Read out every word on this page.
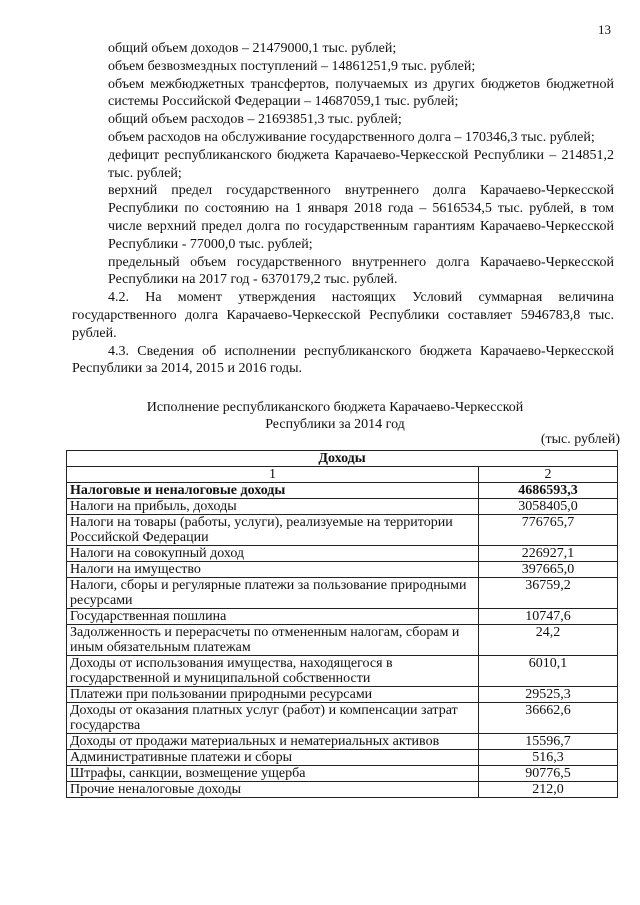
13

общий объем доходов – 21479000,1 тыс. рублей;

объем безвозмездных поступлений – 14861251,9 тыс. рублей;

объем межбюджетных трансфертов, получаемых из других бюджетов бюджетной системы Российской Федерации – 14687059,1 тыс. рублей;

общий объем расходов – 21693851,3 тыс. рублей;

объем расходов на обслуживание государственного долга – 170346,3 тыс. рублей;

дефицит республиканского бюджета Карачаево-Черкесской Республики – 214851,2 тыс. рублей;

верхний предел государственного внутреннего долга Карачаево-Черкесской Республики по состоянию на 1 января 2018 года – 5616534,5 тыс. рублей, в том числе верхний предел долга по государственным гарантиям Карачаево-Черкесской Республики - 77000,0 тыс. рублей;

предельный объем государственного внутреннего долга Карачаево-Черкесской Республики на 2017 год - 6370179,2 тыс. рублей.

4.2. На момент утверждения настоящих Условий суммарная величина государственного долга Карачаево-Черкесской Республики составляет 5946783,8 тыс. рублей.

4.3. Сведения об исполнении республиканского бюджета Карачаево-Черкесской Республики за 2014, 2015 и 2016 годы.

Исполнение республиканского бюджета Карачаево-Черкесской Республики за 2014 год
(тыс. рублей)
Доходы	
1	2
Налоговые и неналоговые доходы	4686593,3
Налоги на прибыль, доходы	3058405,0
Налоги на товары (работы, услуги), реализуемые на территории Российской Федерации	776765,7
Налоги на совокупный доход	226927,1
Налоги на имущество	397665,0
Налоги, сборы и регулярные платежи за пользование природными ресурсами	36759,2
Государственная пошлина	10747,6
Задолженность и перерасчеты по отмененным налогам, сборам и иным обязательным платежам	24,2
Доходы от использования имущества, находящегося в государственной и муниципальной собственности	6010,1
Платежи при пользовании природными ресурсами	29525,3
Доходы от оказания платных услуг (работ) и компенсации затрат государства	36662,6
Доходы от продажи материальных и нематериальных активов	15596,7
Административные платежи и сборы	516,3
Штрафы, санкции, возмещение ущерба	90776,5
Прочие неналоговые доходы	212,0
